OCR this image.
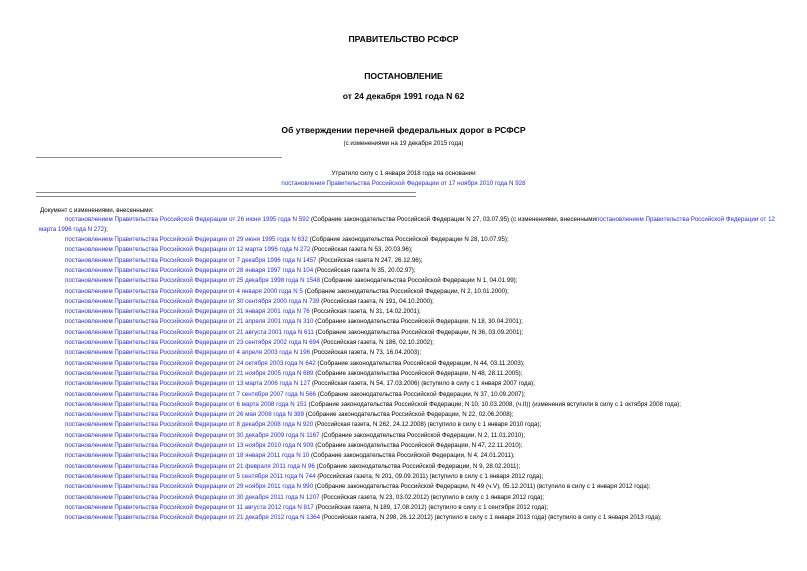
ПРАВИТЕЛЬСТВО РСФСР
ПОСТАНОВЛЕНИЕ
от 24 декабря 1991 года N 62
Об утверждении перечней федеральных дорог в РСФСР
(с изменениями на 19 декабря 2015 года)
Утратило силу с 1 января 2018 года на основании
постановления Правительства Российской Федерации от 17 ноября 2010 года N 928
Документ с изменениями, внесенными:
постановлением Правительства Российской Федерации от 26 июня 1995 года N 592 (Собрание законодательства Российской Федерации N 27, 03.07.95) (с изменениями, внесеннымипостановлением Правительства Российской Федерации от 12 марта 1996 года N 272);
постановлением Правительства Российской Федерации от 29 июня 1995 года N 632 (Собрание законодательства Российской Федерации N 28, 10.07.95);
постановлением Правительства Российской Федерации от 12 марта 1996 года N 272 (Российская газета N 53, 20.03.96);
постановлением Правительства Российской Федерации от 7 декабря 1996 года N 1457 (Российская газета N 247, 26.12.96);
постановлением Правительства Российской Федерации от 28 января 1997 года N 104 (Российская газета N 35, 20.02.97);
постановлением Правительства Российской Федерации от 25 декабря 1998 года N 1548 (Собрание законодательства Российской Федерации N 1, 04.01.99);
постановлением Правительства Российской Федерации от 4 января 2000 года N 5 (Собрание законодательства Российской Федерации, N 2, 10.01.2000);
постановлением Правительства Российской Федерации от 30 сентября 2000 года N 739 (Российская газета, N 191, 04.10.2000);
постановлением Правительства Российской Федерации от 31 января 2001 года N 76 (Российская газета, N 31, 14.02.2001);
постановлением Правительства Российской Федерации от 21 апреля 2001 года N 310 (Собрание законодательства Российской Федерации, N 18, 30.04.2001);
постановлением Правительства Российской Федерации от 21 августа 2001 года N 611 (Собрание законодательства Российской Федерации, N 36, 03.09.2001);
постановлением Правительства Российской Федерации от 23 сентября 2002 года N 694 (Российская газета, N 186, 02.10.2002);
постановлением Правительства Российской Федерации от 4 апреля 2003 года N 196 (Российская газета, N 73, 16.04.2003);
постановлением Правительства Российской Федерации от 24 октября 2003 года N 642 (Собрание законодательства Российской Федерации, N 44, 03.11.2003);
постановлением Правительства Российской Федерации от 21 ноября 2005 года N 689 (Собрание законодательства Российской Федерации, N 48, 28.11.2005);
постановлением Правительства Российской Федерации от 13 марта 2006 года N 127 (Российская газета, N 54, 17.03.2006) (вступило в силу с 1 января 2007 года);
постановлением Правительства Российской Федерации от 7 сентября 2007 года N 566 (Собрание законодательства Российской Федерации, N 37, 10.09.2007);
постановлением Правительства Российской Федерации от 6 марта 2008 года N 151 (Собрание законодательства Российской Федерации, N 10, 10.03.2008, (ч.II)) (изменения вступили в силу с 1 октября 2008 года);
постановлением Правительства Российской Федерации от 26 мая 2008 года N 389 (Собрание законодательства Российской Федерации, N 22, 02.06.2008);
постановлением Правительства Российской Федерации от 8 декабря 2008 года N 920 (Российская газета, N 262, 24.12.2008) (вступило в силу с 1 января 2010 года);
постановлением Правительства Российской Федерации от 30 декабря 2009 года N 1167 (Собрание законодательства Российской Федерации, N 2, 11.01.2010);
постановлением Правительства Российской Федерации от 13 ноября 2010 года N 909 (Собрание законодательства Российской Федерации, N 47, 22.11.2010);
постановлением Правительства Российской Федерации от 18 января 2011 года N 10 (Собрание законодательства Российской Федерации, N 4, 24.01.2011);
постановлением Правительства Российской Федерации от 21 февраля 2011 года N 96 (Собрание законодательства Российской Федерации, N 9, 28.02.2011);
постановлением Правительства Российской Федерации от 5 сентября 2011 года N 744 (Российская газета, N 201, 09.09.2011) (вступило в силу с 1 января 2012 года);
постановлением Правительства Российской Федерации от 29 ноября 2011 года N 990 (Собрание законодательства Российской Федерации, N 49 (ч.V), 05.12.2011) (вступило в силу с 1 января 2012 года);
постановлением Правительства Российской Федерации от 30 декабря 2011 года N 1207 (Российская газета, N 23, 03.02.2012) (вступило в силу с 1 января 2012 года);
постановлением Правительства Российской Федерации от 11 августа 2012 года N 817 (Российская газета, N 189, 17.08.2012) (вступило в силу с 1 сентября 2012 года);
постановлением Правительства Российской Федерации от 21 декабря 2012 года N 1364 (Российская газета, N 298, 26.12.2012) (вступило в силу с 1 января 2013 года) (вступило в силу с 1 января 2013 года);
